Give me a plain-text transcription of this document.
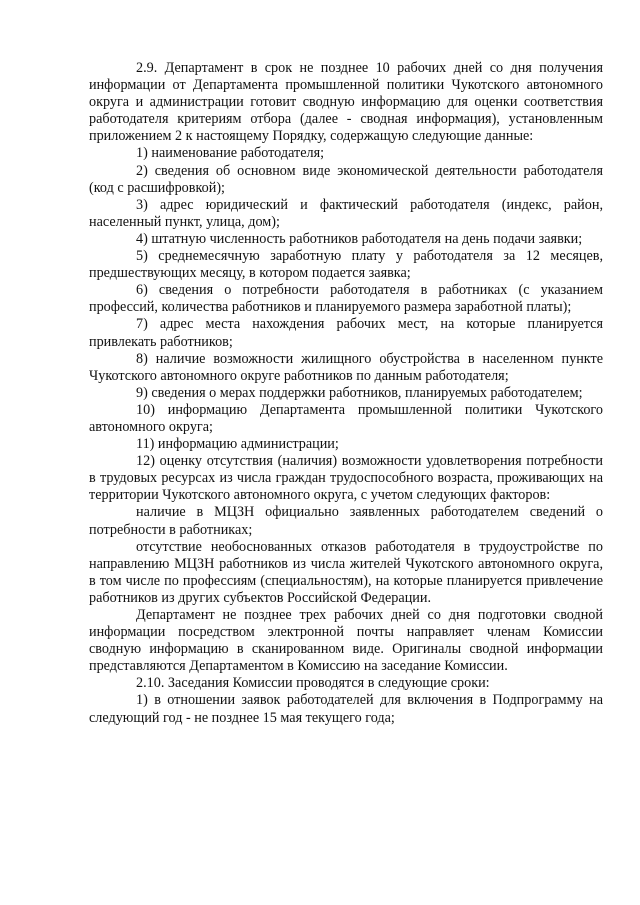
2.9. Департамент в срок не позднее 10 рабочих дней со дня получения информации от Департамента промышленной политики Чукотского автономного округа и администрации готовит сводную информацию для оценки соответствия работодателя критериям отбора (далее - сводная информация), установленным приложением 2 к настоящему Порядку, содержащую следующие данные:

1) наименование работодателя;

2) сведения об основном виде экономической деятельности работодателя (код с расшифровкой);

3) адрес юридический и фактический работодателя (индекс, район, населенный пункт, улица, дом);

4) штатную численность работников работодателя на день подачи заявки;

5) среднемесячную заработную плату у работодателя за 12 месяцев, предшествующих месяцу, в котором подается заявка;

6) сведения о потребности работодателя в работниках (с указанием профессий, количества работников и планируемого размера заработной платы);

7) адрес места нахождения рабочих мест, на которые планируется привлекать работников;

8) наличие возможности жилищного обустройства в населенном пункте Чукотского автономного округе работников по данным работодателя;

9) сведения о мерах поддержки работников, планируемых работодателем;

10) информацию Департамента промышленной политики Чукотского автономного округа;

11) информацию администрации;

12) оценку отсутствия (наличия) возможности удовлетворения потребности в трудовых ресурсах из числа граждан трудоспособного возраста, проживающих на территории Чукотского автономного округа, с учетом следующих факторов:

наличие в МЦЗН официально заявленных работодателем сведений о потребности в работниках;

отсутствие необоснованных отказов работодателя в трудоустройстве по направлению МЦЗН работников из числа жителей Чукотского автономного округа, в том числе по профессиям (специальностям), на которые планируется привлечение работников из других субъектов Российской Федерации.

Департамент не позднее трех рабочих дней со дня подготовки сводной информации посредством электронной почты направляет членам Комиссии сводную информацию в сканированном виде. Оригиналы сводной информации представляются Департаментом в Комиссию на заседание Комиссии.

2.10. Заседания Комиссии проводятся в следующие сроки:

1) в отношении заявок работодателей для включения в Подпрограмму на следующий год - не позднее 15 мая текущего года;
